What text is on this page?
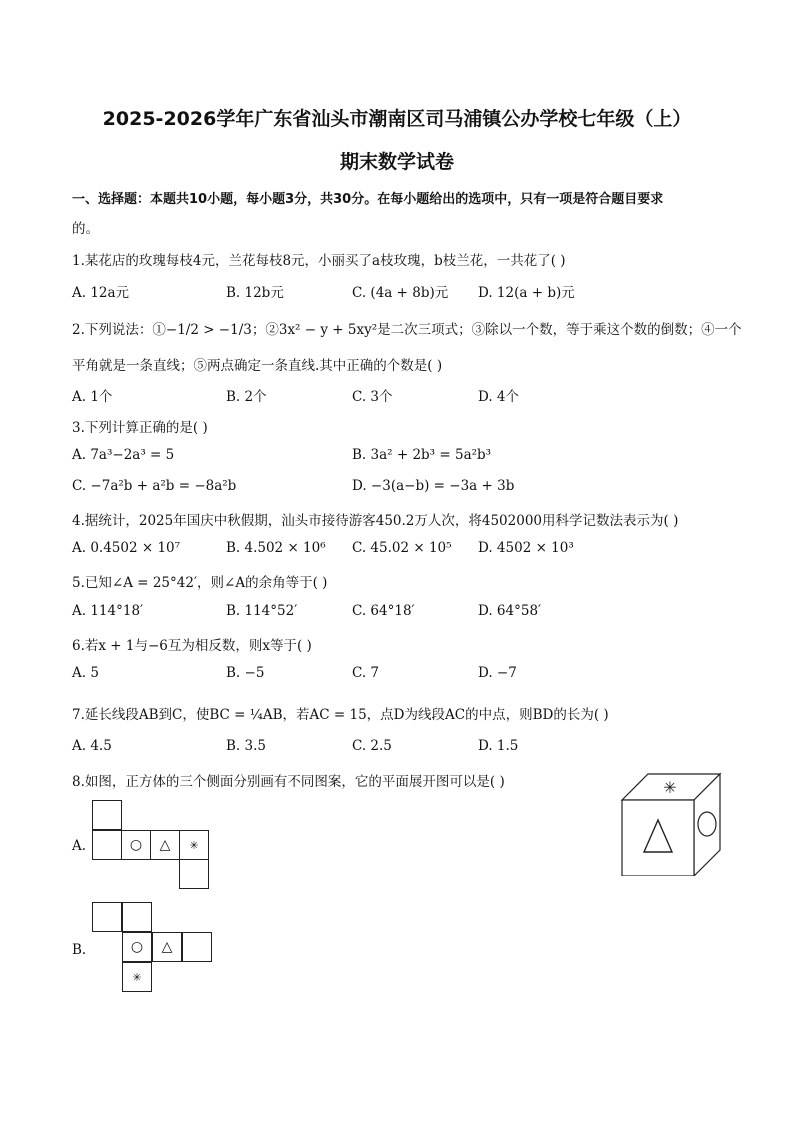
2025-2026学年广东省汕头市潮南区司马浦镇公办学校七年级（上）
期末数学试卷
一、选择题：本题共10小题，每小题3分，共30分。在每小题给出的选项中，只有一项是符合题目要求
的。
1.某花店的玫瑰每枝4元，兰花每枝8元，小丽买了a枝玫瑰，b枝兰花，一共花了( )
A. 12a元	B. 12b元	C. (4a + 8b)元 D. 12(a + b)元
2.下列说法：①−1/2 > −1/3；②3x² − y + 5xy²是二次三项式；③除以一个数，等于乘这个数的倒数；④一个
平角就是一条直线；⑤两点确定一条直线.其中正确的个数是( )
A. 1个	B. 2个	C. 3个	D. 4个
3.下列计算正确的是( )
A. 7a³−2a³ = 5	B. 3a² + 2b³ = 5a²b³
C. −7a²b + a²b = −8a²b	D. −3(a−b) = −3a + 3b
4.据统计，2025年国庆中秋假期，汕头市接待游客450.2万人次，将4502000用科学记数法表示为( )
A. 0.4502 × 10⁷	B. 4.502 × 10⁶ C. 45.02 × 10⁵ D. 4502 × 10³
5.已知∠A = 25°42′，则∠A的余角等于( )
A. 114°18′	B. 114°52′	C. 64°18′	D. 64°58′
6.若x + 1与−6互为相反数，则x等于( )
A. 5	B. −5	C. 7	D. −7
7.延长线段AB到C，使BC = ¼AB，若AC = 15，点D为线段AC的中点，则BD的长为( )
A. 4.5	B. 3.5	C. 2.5	D. 1.5
8.如图，正方体的三个侧面分别画有不同图案，它的平面展开图可以是( )	✳
A.	○ △ ✳
B.	○ △
✳
